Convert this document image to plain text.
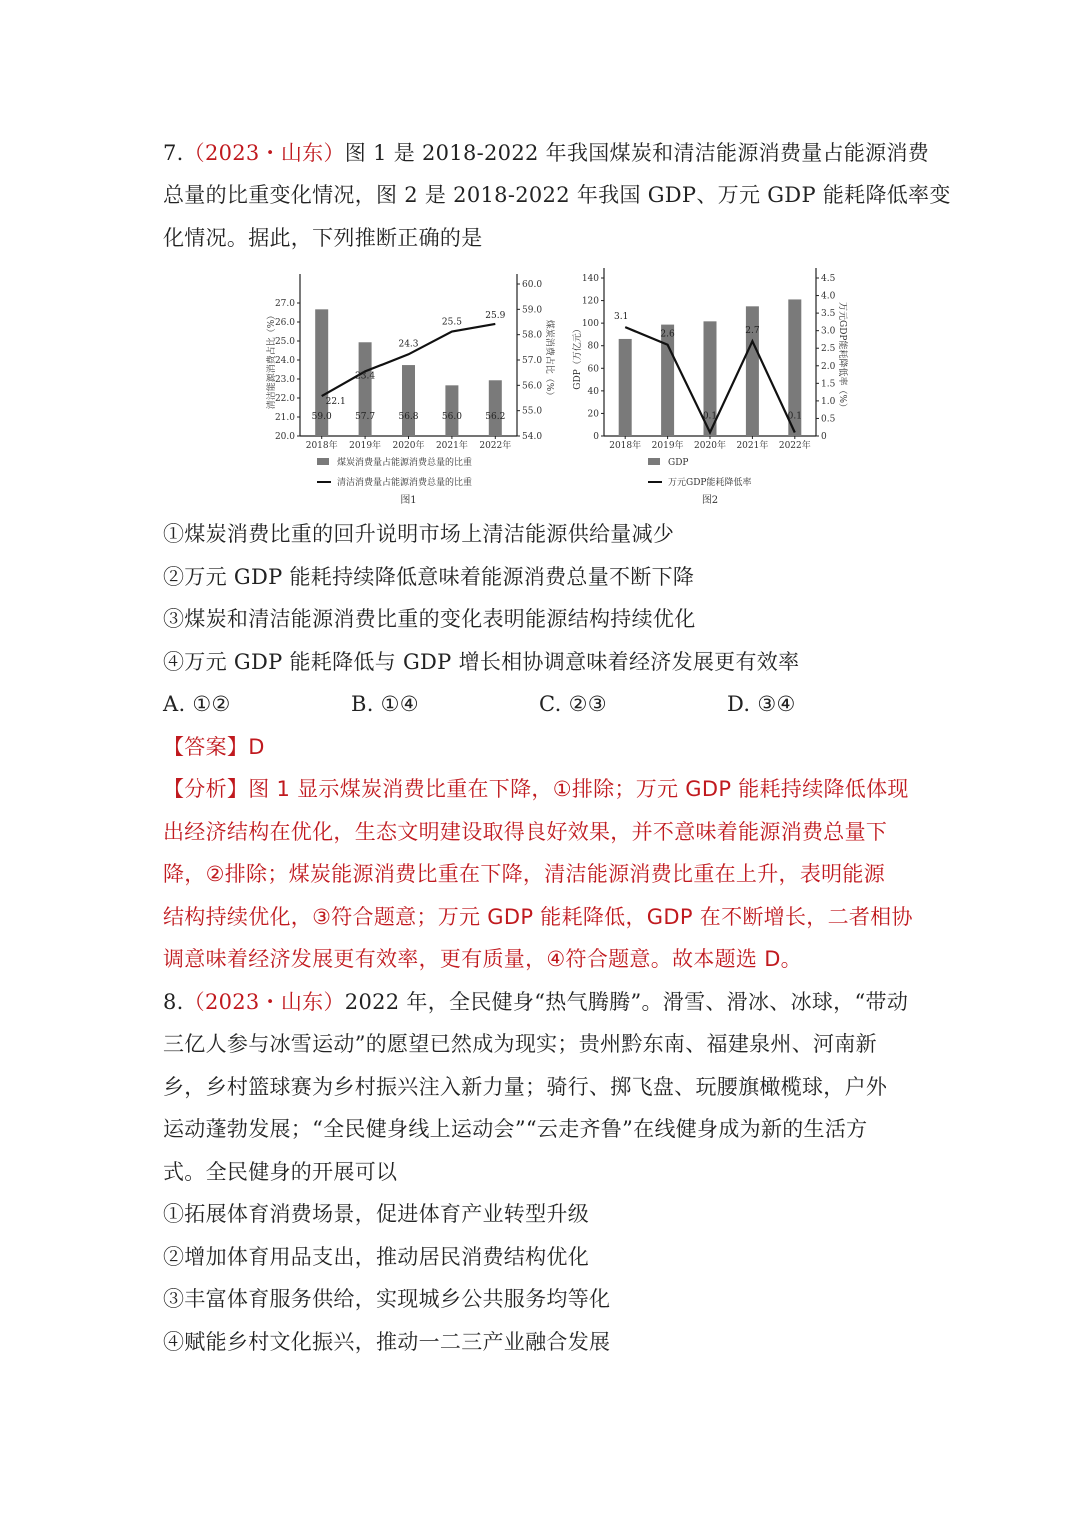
7.（2023・山东）图 1 是 2018-2022 年我国煤炭和清洁能源消费量占能源消费
总量的比重变化情况，图 2 是 2018-2022 年我国 GDP、万元 GDP 能耗降低率变
化情况。据此，下列推断正确的是
20.0
21.0
22.0
23.0
24.0
25.0
26.0
27.0
54.0
55.0
56.0
57.0
58.0
59.0
60.0
2018年 2019年 2020年 2021年 2022年
清洁能源消费占比（%）	煤炭消费占比（%）
59.0	57.7	56.8	56.0	56.2
22.1
23.4
24.3
25.5
25.9
煤炭消费量占能源消费总量的比重
清洁消费量占能源消费总量的比重
图1
0
20
40
60
80
100
120
140
0
0.5
1.0
1.5
2.0
2.5
3.0
3.5
4.0
4.5
2018年 2019年 2020年 2021年 2022年
GDP（万亿元）	万元GDP能耗降低率（%）
3.1
2.6
0.1
2.7
0.1
GDP
万元GDP能耗降低率
图2
①煤炭消费比重的回升说明市场上清洁能源供给量减少
②万元 GDP 能耗持续降低意味着能源消费总量不断下降
③煤炭和清洁能源消费比重的变化表明能源结构持续优化
④万元 GDP 能耗降低与 GDP 增长相协调意味着经济发展更有效率
A. ①②	B. ①④	C. ②③	D. ③④
【答案】D
【分析】图 1 显示煤炭消费比重在下降，①排除；万元 GDP 能耗持续降低体现
出经济结构在优化，生态文明建设取得良好效果，并不意味着能源消费总量下
降，②排除；煤炭能源消费比重在下降，清洁能源消费比重在上升，表明能源
结构持续优化，③符合题意；万元 GDP 能耗降低，GDP 在不断增长，二者相协
调意味着经济发展更有效率，更有质量，④符合题意。故本题选 D。
8.（2023・山东）2022 年，全民健身“热气腾腾”。滑雪、滑冰、冰球，“带动
三亿人参与冰雪运动”的愿望已然成为现实；贵州黔东南、福建泉州、河南新
乡，乡村篮球赛为乡村振兴注入新力量；骑行、掷飞盘、玩腰旗橄榄球，户外
运动蓬勃发展；“全民健身线上运动会”“云走齐鲁”在线健身成为新的生活方
式。全民健身的开展可以
①拓展体育消费场景，促进体育产业转型升级
②增加体育用品支出，推动居民消费结构优化
③丰富体育服务供给，实现城乡公共服务均等化
④赋能乡村文化振兴，推动一二三产业融合发展
